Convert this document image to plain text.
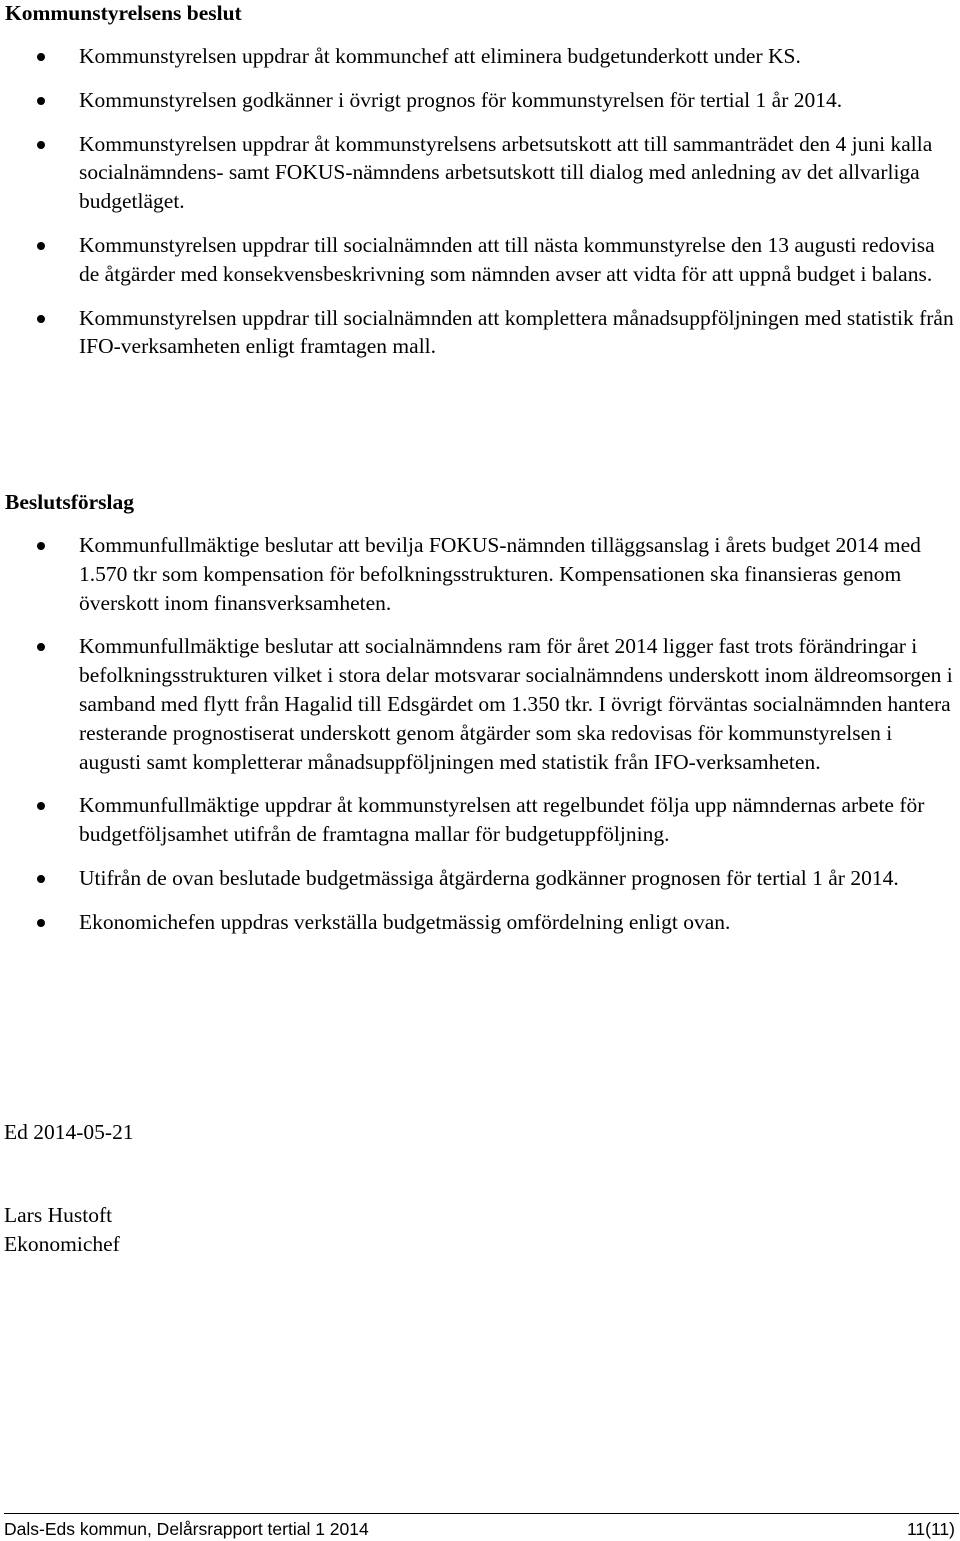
Kommunstyrelsens beslut
Kommunstyrelsen uppdrar åt kommunchef att eliminera budgetunderkott under KS.
Kommunstyrelsen godkänner i övrigt prognos för kommunstyrelsen för tertial 1 år 2014.
Kommunstyrelsen uppdrar åt kommunstyrelsens arbetsutskott att till sammanträdet den 4 juni kalla socialnämndens- samt FOKUS-nämndens arbetsutskott till dialog med anledning av det allvarliga budgetläget.
Kommunstyrelsen uppdrar till socialnämnden att till nästa kommunstyrelse den 13 augusti redovisa de åtgärder med konsekvensbeskrivning som nämnden avser att vidta för att uppnå budget i balans.
Kommunstyrelsen uppdrar till socialnämnden att komplettera månadsuppföljningen med statistik från IFO-verksamheten enligt framtagen mall.
Beslutsförslag
Kommunfullmäktige beslutar att bevilja FOKUS-nämnden tilläggsanslag i årets budget 2014 med 1.570 tkr som kompensation för befolkningsstrukturen. Kompensationen ska finansieras genom överskott inom finansverksamheten.
Kommunfullmäktige beslutar att socialnämndens ram för året 2014 ligger fast trots förändringar i befolkningsstrukturen vilket i stora delar motsvarar socialnämndens underskott inom äldreomsorgen i samband med flytt från Hagalid till Edsgärdet om 1.350 tkr. I övrigt förväntas socialnämnden hantera resterande prognostiserat underskott genom åtgärder som ska redovisas för kommunstyrelsen i augusti samt kompletterar månadsuppföljningen med statistik från IFO-verksamheten.
Kommunfullmäktige uppdrar åt kommunstyrelsen att regelbundet följa upp nämndernas arbete för budgetföljsamhet utifrån de framtagna mallar för budgetuppföljning.
Utifrån de ovan beslutade budgetmässiga åtgärderna godkänner prognosen för tertial 1 år 2014.
Ekonomichefen uppdras verkställa budgetmässig omfördelning enligt ovan.

Ed 2014-05-21

Lars Hustoft

Ekonomichef

Dals-Eds kommun, Delårsrapport tertial 1 2014	11(11)
